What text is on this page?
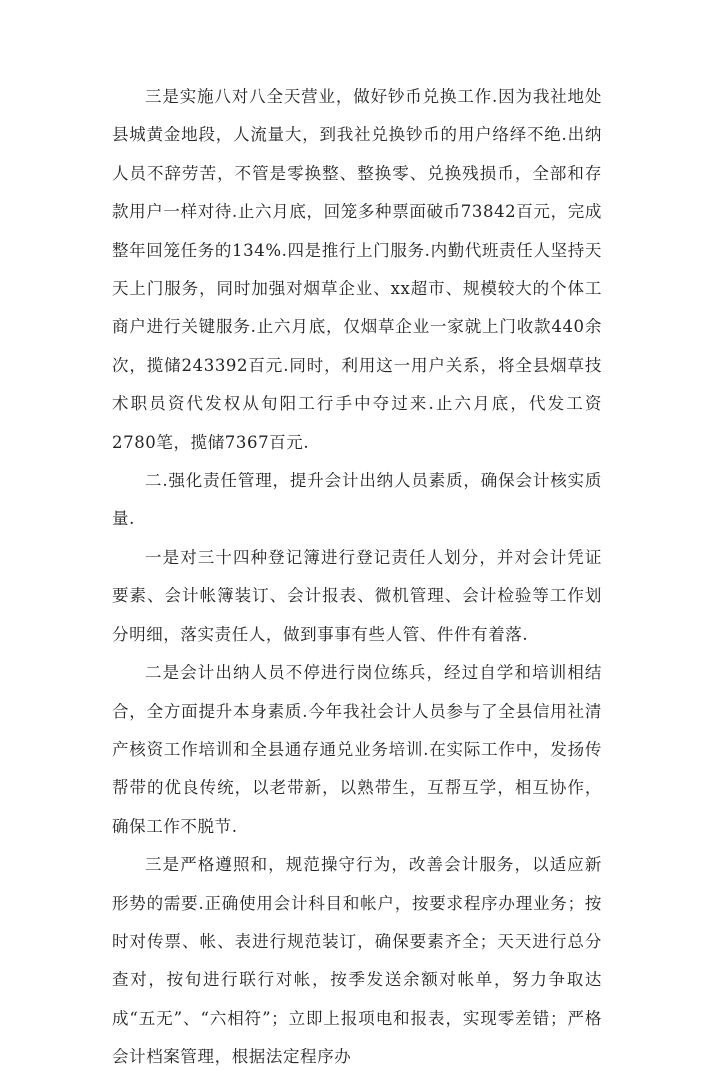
三是实施八对八全天营业，做好钞币兑换工作.因为我社地处县城黄金地段，人流量大，到我社兑换钞币的用户络绎不绝.出纳人员不辞劳苦，不管是零换整、整换零、兑换残损币，全部和存款用户一样对待.止六月底，回笼多种票面破币73842百元，完成整年回笼任务的134%.四是推行上门服务.内勤代班责任人坚持天天上门服务，同时加强对烟草企业、xx超市、规模较大的个体工商户进行关键服务.止六月底，仅烟草企业一家就上门收款440余次，揽储243392百元.同时，利用这一用户关系，将全县烟草技术职员资代发权从旬阳工行手中夺过来.止六月底，代发工资2780笔，揽储7367百元.

二.强化责任管理，提升会计出纳人员素质，确保会计核实质量.

一是对三十四种登记簿进行登记责任人划分，并对会计凭证要素、会计帐簿装订、会计报表、微机管理、会计检验等工作划分明细，落实责任人，做到事事有些人管、件件有着落.

二是会计出纳人员不停进行岗位练兵，经过自学和培训相结合，全方面提升本身素质.今年我社会计人员参与了全县信用社清产核资工作培训和全县通存通兑业务培训.在实际工作中，发扬传帮带的优良传统，以老带新，以熟带生，互帮互学，相互协作，确保工作不脱节.

三是严格遵照和，规范操守行为，改善会计服务，以适应新形势的需要.正确使用会计科目和帐户，按要求程序办理业务；按时对传票、帐、表进行规范装订，确保要素齐全；天天进行总分查对，按旬进行联行对帐，按季发送余额对帐单，努力争取达成“五无”、“六相符”；立即上报项电和报表，实现零差错；严格会计档案管理，根据法定程序办
